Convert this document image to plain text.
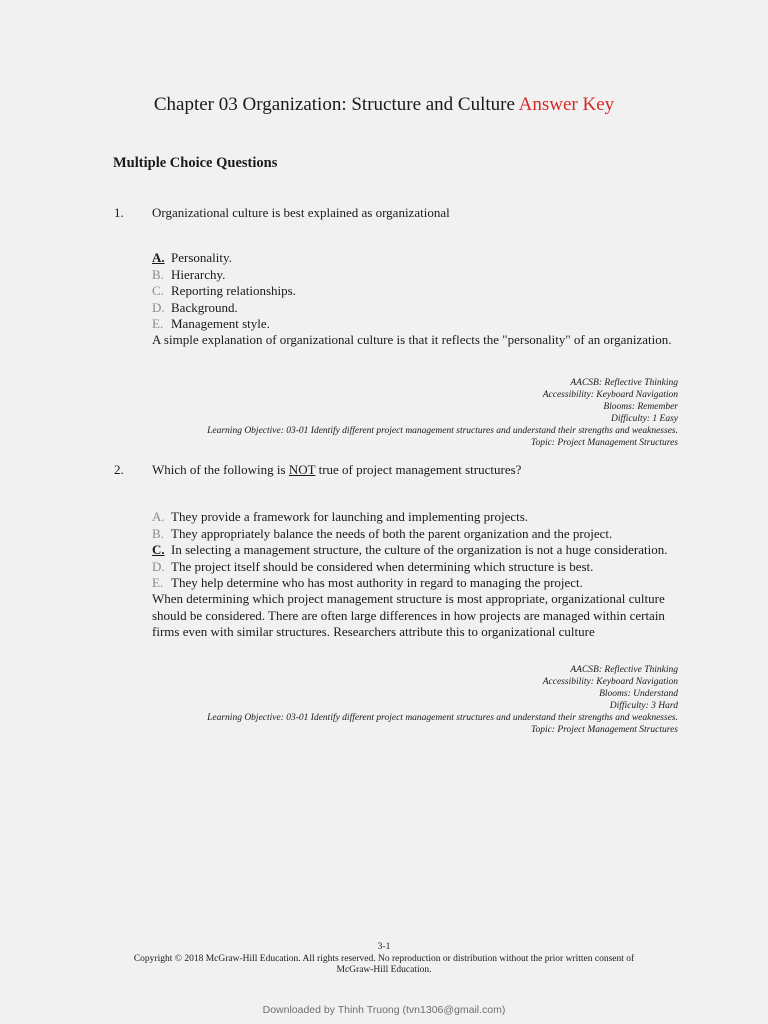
Chapter 03 Organization: Structure and Culture Answer Key
Multiple Choice Questions
1. Organizational culture is best explained as organizational
A. Personality.
B. Hierarchy.
C. Reporting relationships.
D. Background.
E. Management style.
A simple explanation of organizational culture is that it reflects the "personality" of an organization.
AACSB: Reflective Thinking
Accessibility: Keyboard Navigation
Blooms: Remember
Difficulty: 1 Easy
Learning Objective: 03-01 Identify different project management structures and understand their strengths and weaknesses.
Topic: Project Management Structures
2. Which of the following is NOT true of project management structures?
A. They provide a framework for launching and implementing projects.
B. They appropriately balance the needs of both the parent organization and the project.
C. In selecting a management structure, the culture of the organization is not a huge consideration.
D. The project itself should be considered when determining which structure is best.
E. They help determine who has most authority in regard to managing the project.
When determining which project management structure is most appropriate, organizational culture
should be considered. There are often large differences in how projects are managed within certain
firms even with similar structures. Researchers attribute this to organizational culture
AACSB: Reflective Thinking
Accessibility: Keyboard Navigation
Blooms: Understand
Difficulty: 3 Hard
Learning Objective: 03-01 Identify different project management structures and understand their strengths and weaknesses.
Topic: Project Management Structures
3-1
Copyright © 2018 McGraw-Hill Education. All rights reserved. No reproduction or distribution without the prior written consent of
McGraw-Hill Education.
Downloaded by Thinh Truong (tvn1306@gmail.com)
